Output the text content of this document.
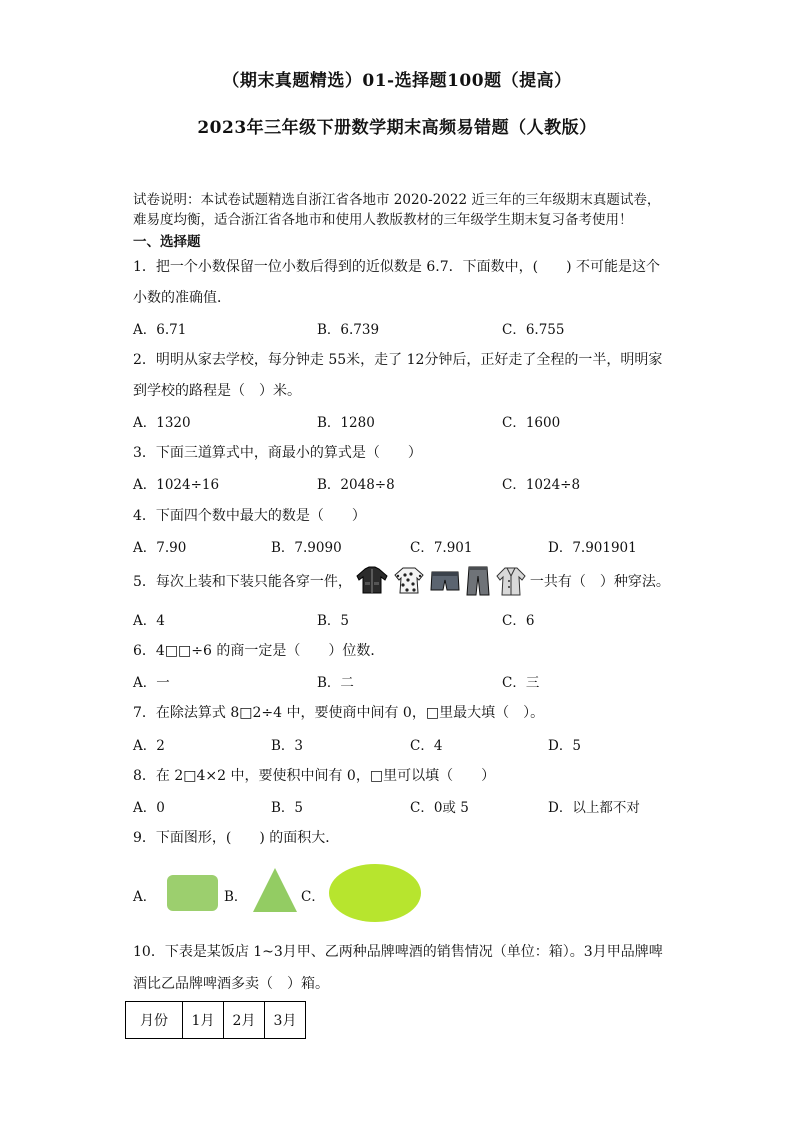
（期末真题精选）01-选择题100题（提高）
2023年三年级下册数学期末高频易错题（人教版）
试卷说明：本试卷试题精选自浙江省各地市 2020-2022 近三年的三年级期末真题试卷，
难易度均衡，适合浙江省各地市和使用人教版教材的三年级学生期末复习备考使用！
一、选择题
1．把一个小数保留一位小数后得到的近似数是 6.7．下面数中，(　　) 不可能是这个
小数的准确值．
A．6.71	B．6.739	C．6.755
2．明明从家去学校，每分钟走 55米，走了 12分钟后，正好走了全程的一半，明明家
到学校的路程是（　）米。
A．1320	B．1280	C．1600
3．下面三道算式中，商最小的算式是（　　）
A．1024÷16	B．2048÷8	C．1024÷8
4．下面四个数中最大的数是（　　）
A．7.90	B．7.9090	C．7.901	D．7.901901
5．每次上装和下装只能各穿一件，	一共有（　）种穿法。
A．4	B．5	C．6
6．4□□÷6 的商一定是（　　）位数．
A．一	B．二	C．三
7．在除法算式 8□2÷4 中，要使商中间有 0，□里最大填（　）。
A．2	B．3	C．4	D．5
8．在 2□4×2 中，要使积中间有 0，□里可以填（　　）
A．0	B．5	C．0或 5	D．以上都不对
9．下面图形，(　　) 的面积大．
A．	B．	C．
10．下表是某饭店 1~3月甲、乙两种品牌啤酒的销售情况（单位：箱）。3月甲品牌啤
酒比乙品牌啤酒多卖（　）箱。
月份	1月	2月	3月
